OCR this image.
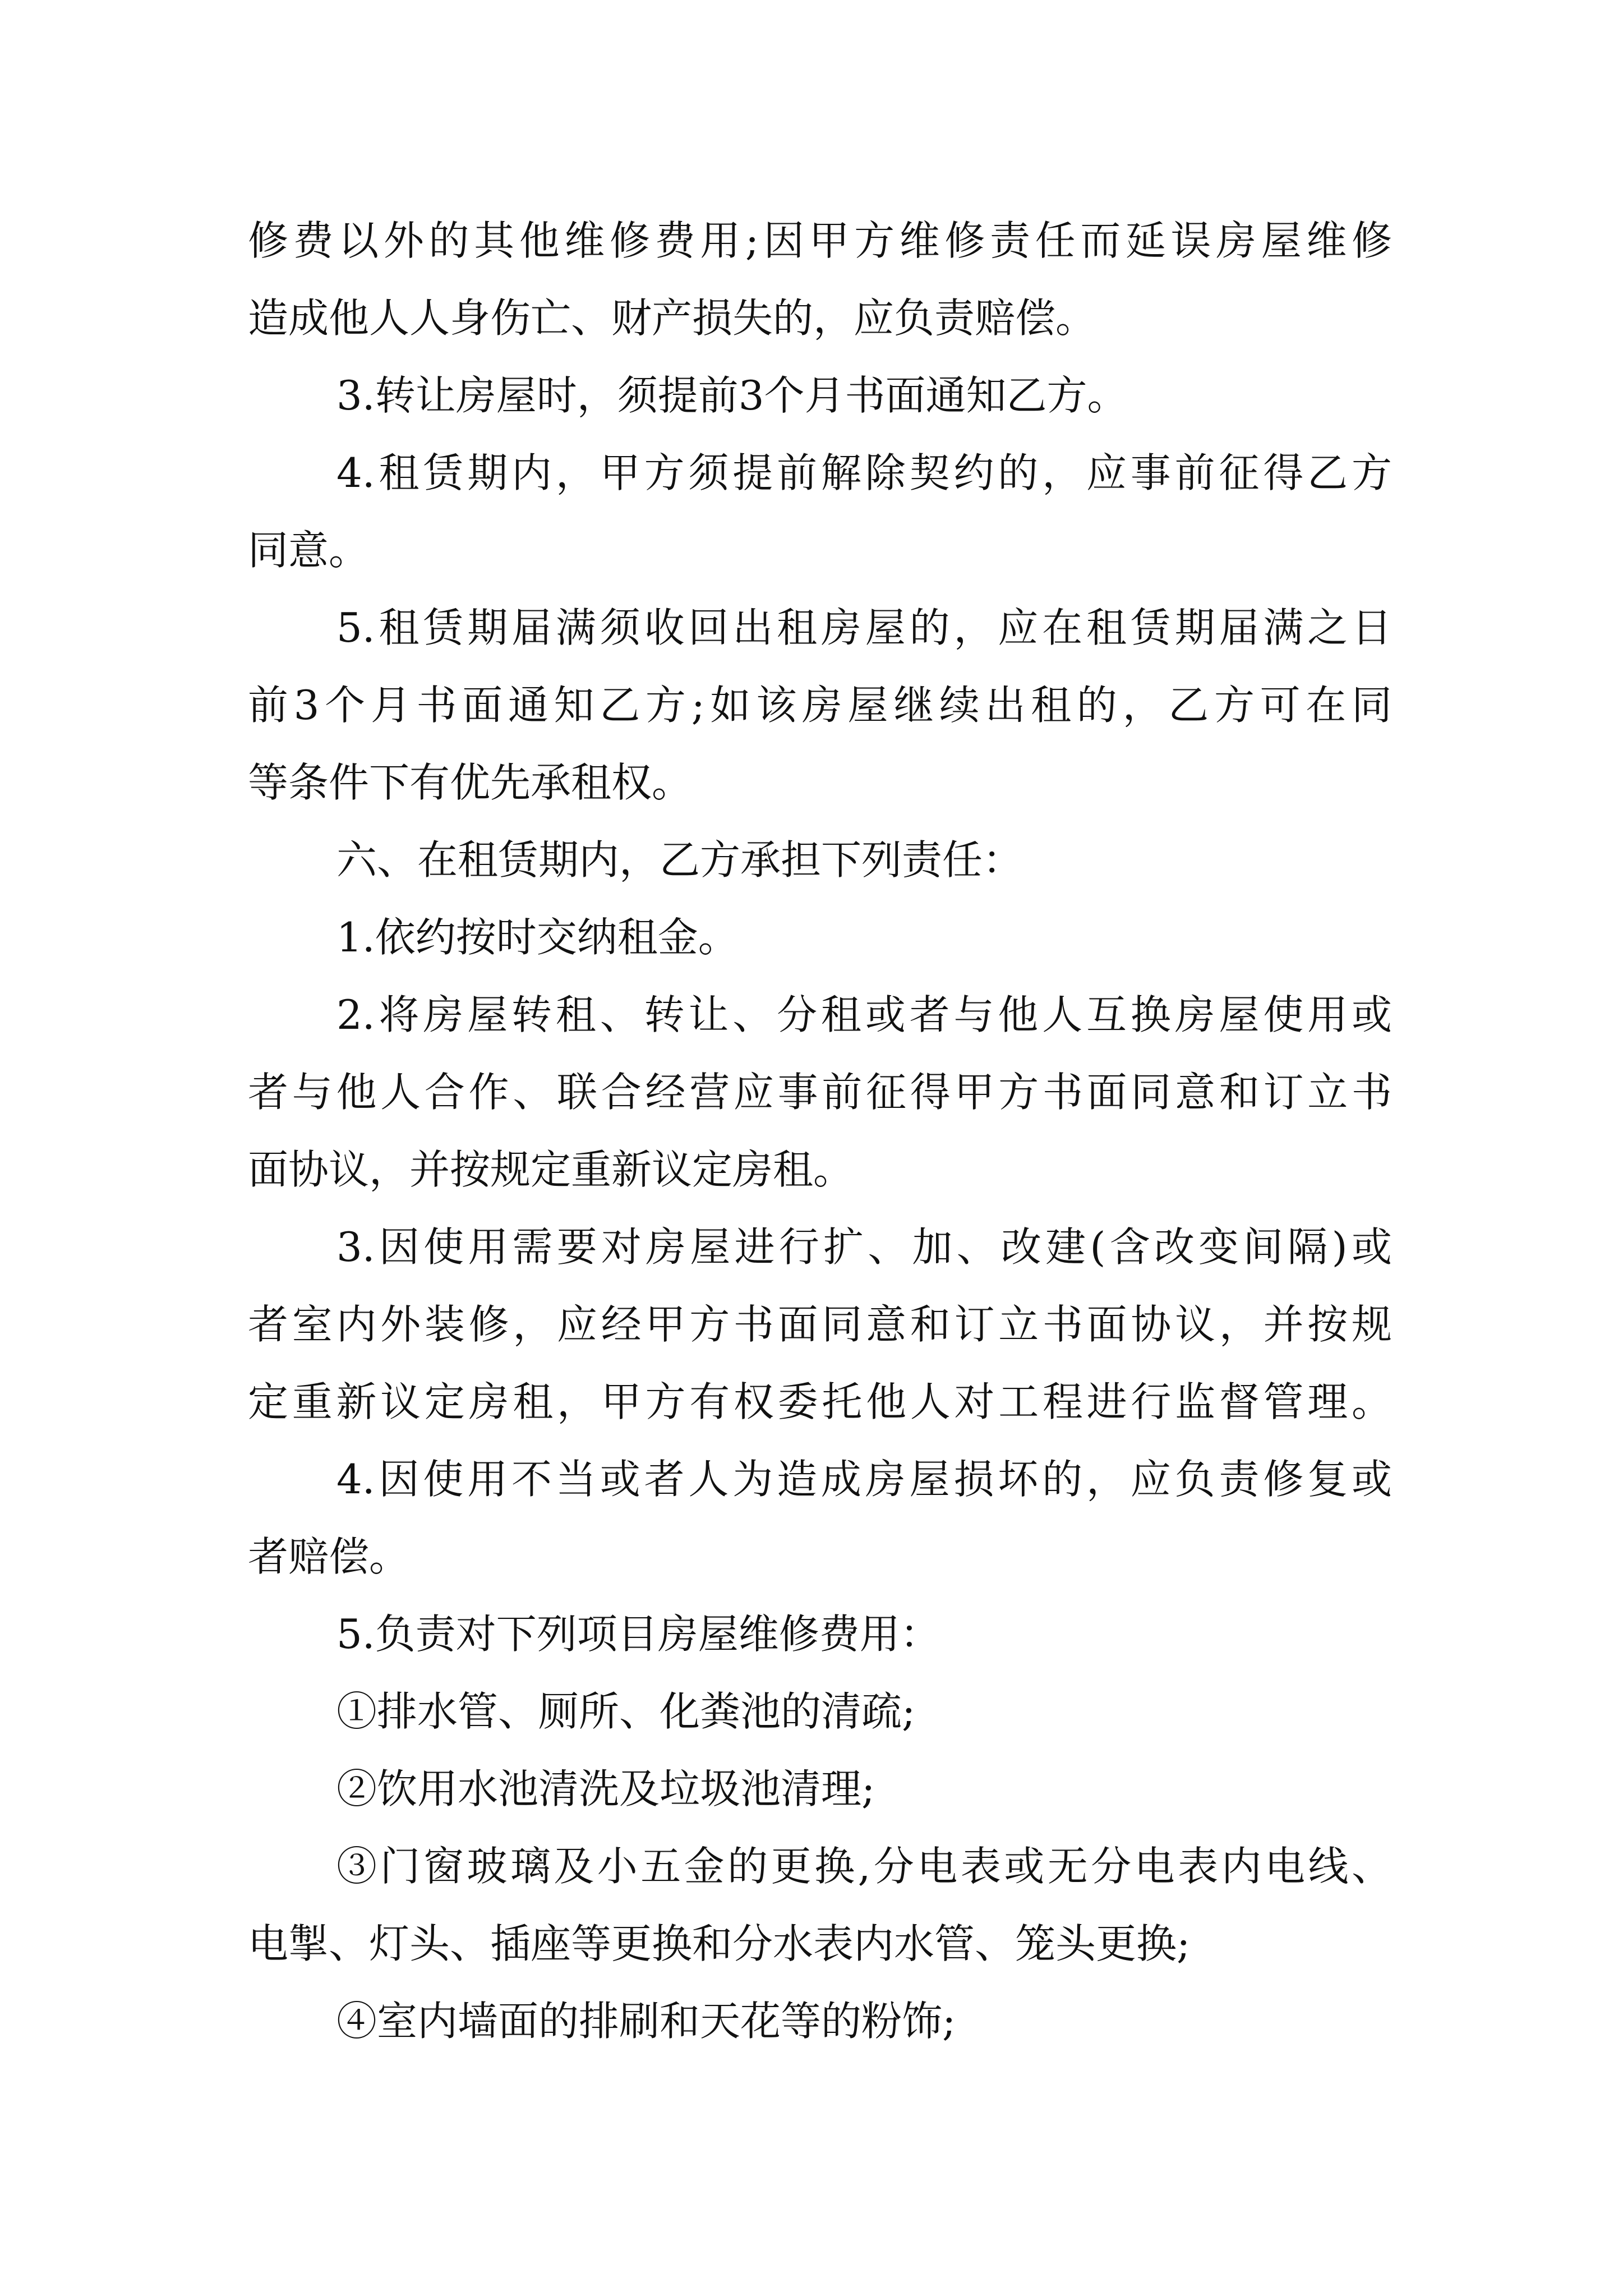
修费以外的其他维修费用;因甲方维修责任而延误房屋维修
造成他人人身伤亡、财产损失的，应负责赔偿。
3.转让房屋时，须提前3个月书面通知乙方。
4.租赁期内，甲方须提前解除契约的，应事前征得乙方
同意。
5.租赁期届满须收回出租房屋的，应在租赁期届满之日
前3个月书面通知乙方;如该房屋继续出租的，乙方可在同
等条件下有优先承租权。
六、在租赁期内，乙方承担下列责任：
1.依约按时交纳租金。
2.将房屋转租、转让、分租或者与他人互换房屋使用或
者与他人合作、联合经营应事前征得甲方书面同意和订立书
面协议，并按规定重新议定房租。
3.因使用需要对房屋进行扩、加、改建(含改变间隔)或
者室内外装修，应经甲方书面同意和订立书面协议，并按规
定重新议定房租，甲方有权委托他人对工程进行监督管理。
4.因使用不当或者人为造成房屋损坏的，应负责修复或
者赔偿。
5.负责对下列项目房屋维修费用：
①排水管、厕所、化粪池的清疏;
②饮用水池清洗及垃圾池清理;
③门窗玻璃及小五金的更换,分电表或无分电表内电线、
电掣、灯头、插座等更换和分水表内水管、笼头更换;
④室内墙面的排刷和天花等的粉饰;
